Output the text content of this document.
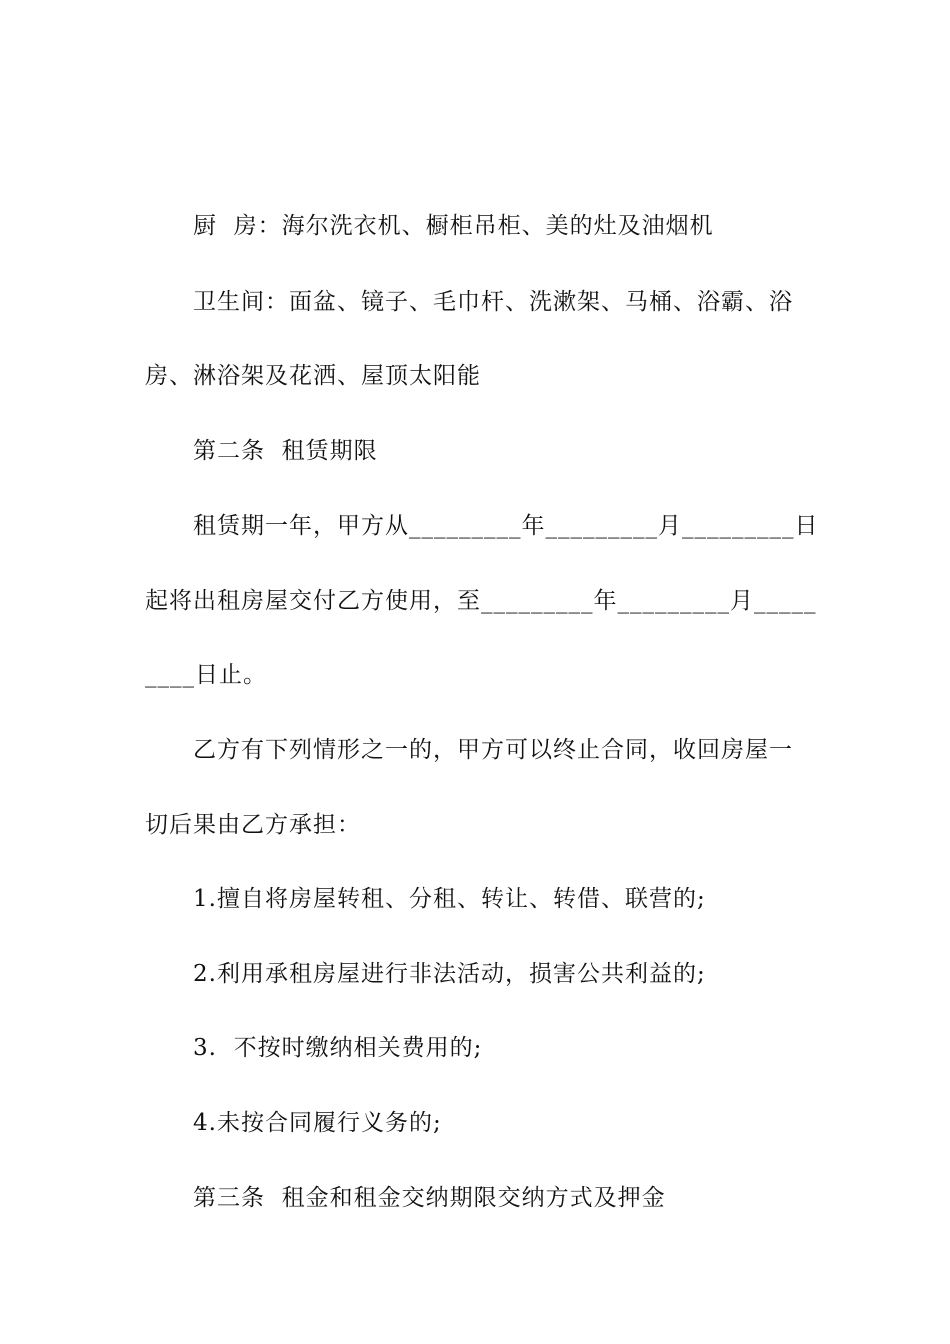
厨  房：海尔洗衣机、橱柜吊柜、美的灶及油烟机
卫生间：面盆、镜子、毛巾杆、洗漱架、马桶、浴霸、浴
房、淋浴架及花洒、屋顶太阳能
第二条  租赁期限
租赁期一年，甲方从_________年_________月_________日
起将出租房屋交付乙方使用，至_________年_________月_____
____日止。
乙方有下列情形之一的，甲方可以终止合同，收回房屋一
切后果由乙方承担：
1.擅自将房屋转租、分租、转让、转借、联营的;
2.利用承租房屋进行非法活动，损害公共利益的;
3.  不按时缴纳相关费用的;
4.未按合同履行义务的;
第三条  租金和租金交纳期限交纳方式及押金
